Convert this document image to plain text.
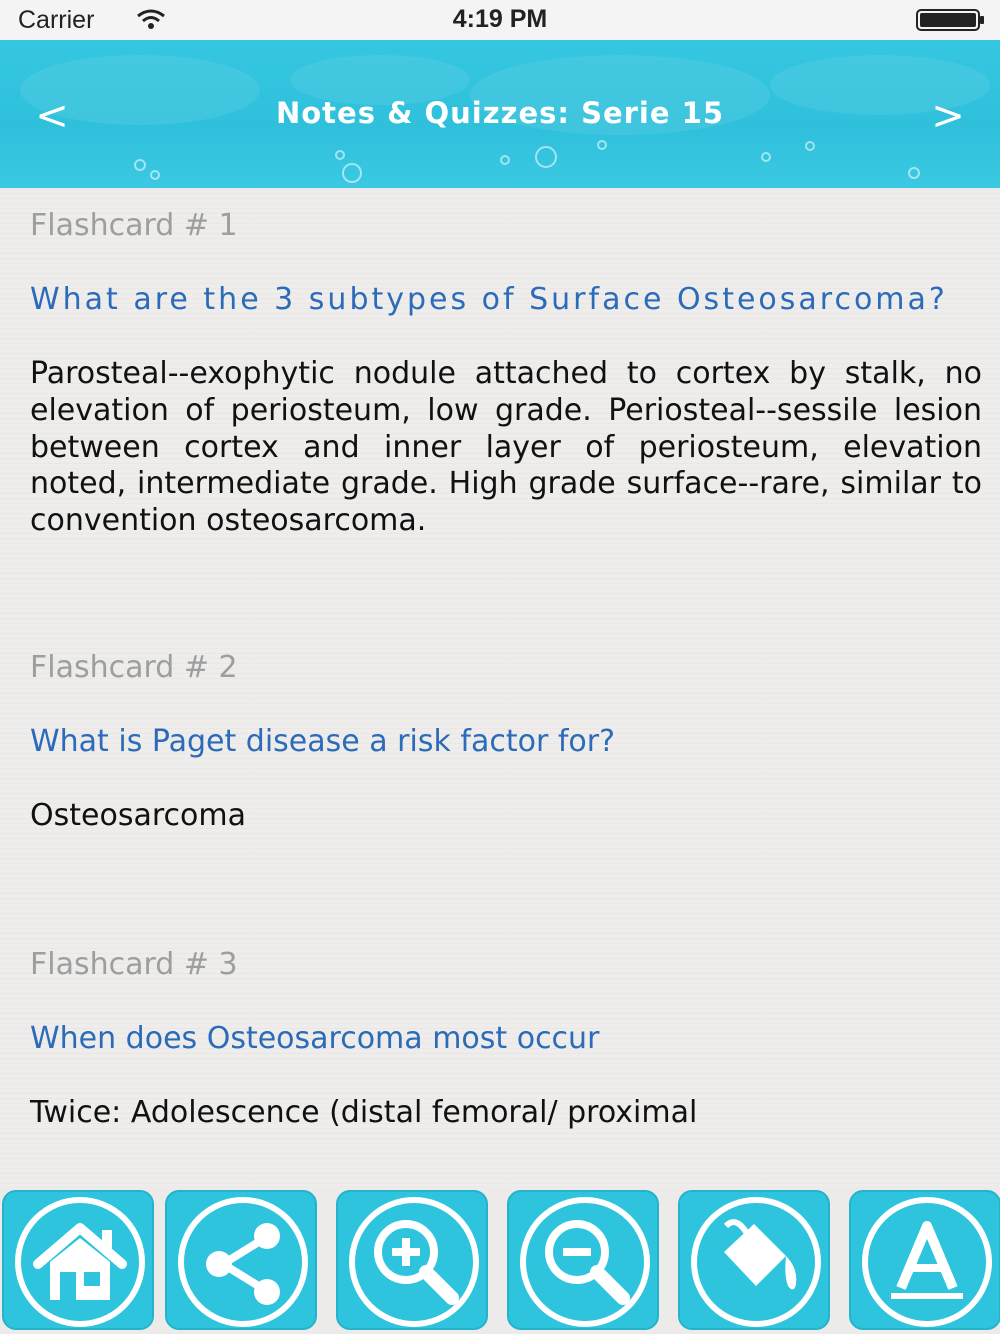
Carrier	4:19 PM
<	Notes & Quizzes: Serie 15	>
Flashcard # 1
What are the 3 subtypes of Surface Osteosarcoma?
Parosteal--exophytic nodule attached to cortex by stalk, no elevation of periosteum, low grade. Periosteal--sessile lesion between cortex and inner layer of periosteum, elevation noted, intermediate grade. High grade surface--rare, similar to convention osteosarcoma.
Flashcard # 2
What is Paget disease a risk factor for?
Osteosarcoma
Flashcard # 3
When does Osteosarcoma most occur
Twice: Adolescence (distal femoral/ proximal
